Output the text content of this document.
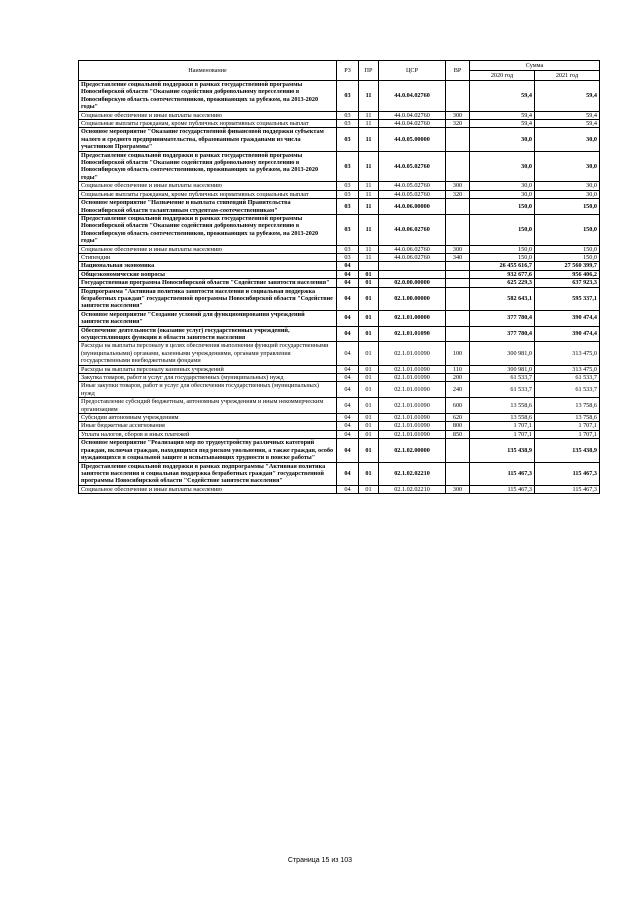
Наименование	РЗ	ПР	ЦСР	ВР	Сумма	
					2020 год	2021 год
Предоставление социальной поддержки в рамках государственной программы Новосибирской области "Оказание содействия добровольному переселению в Новосибирскую область соотечественников, проживающих за рубежом, на 2013-2020 годы"	03	11	44.0.04.02760		59,4	59,4
Социальное обеспечение и иные выплаты населению	03	11	44.0.04.02760	300	59,4	59,4
Социальные выплаты гражданам, кроме публичных нормативных социальных выплат	03	11	44.0.04.02760	320	59,4	59,4
Основное мероприятие "Оказание государственной финансовой поддержки субъектам малого и среднего предпринимательства, образованным гражданами из числа участников Программы"	03	11	44.0.05.00000		30,0	30,0
Предоставление социальной поддержки в рамках государственной программы Новосибирской области "Оказание содействия добровольному переселению в Новосибирскую область соотечественников, проживающих за рубежом, на 2013-2020 годы"	03	11	44.0.05.02760		30,0	30,0
Социальное обеспечение и иные выплаты населению	03	11	44.0.05.02760	300	30,0	30,0
Социальные выплаты гражданам, кроме публичных нормативных социальных выплат	03	11	44.0.05.02760	320	30,0	30,0
Основное мероприятие "Назначение и выплата стипендий Правительства Новосибирской области талантливым студентам-соотечественникам"	03	11	44.0.06.00000		150,0	150,0
Предоставление социальной поддержки в рамках государственной программы Новосибирской области "Оказание содействия добровольному переселению в Новосибирскую область соотечественников, проживающих за рубежом, на 2013-2020 годы"	03	11	44.0.06.02760		150,0	150,0
Социальное обеспечение и иные выплаты населению	03	11	44.0.06.02760	300	150,0	150,0
Стипендии	03	11	44.0.06.02760	340	150,0	150,0
Национальная экономика	04				26 455 616,7	27 560 399,7
Общеэкономические вопросы	04	01			932 677,6	956 406,2
Государственная программа Новосибирской области "Содействие занятости населения"	04	01	02.0.00.00000		625 229,3	637 923,3
Подпрограмма "Активная политика занятости населения и социальная поддержка безработных граждан" государственной программы Новосибирской области "Содействие занятости населения"	04	01	02.1.00.00000		582 643,1	595 337,1
Основное мероприятие "Создание условий для функционирования учреждений занятости населения"	04	01	02.1.01.00000		377 780,4	390 474,4
Обеспечение деятельности (оказание услуг) государственных учреждений, осуществляющих функции в области занятости населения	04	01	02.1.01.01090		377 780,4	390 474,4
Расходы на выплаты персоналу в целях обеспечения выполнения функций государственными (муниципальными) органами, казенными учреждениями, органами управления государственными внебюджетными фондами	04	01	02.1.01.01090	100	300 981,0	313 475,0
Расходы на выплаты персоналу казенных учреждений	04	01	02.1.01.01090	110	300 981,0	313 475,0
Закупка товаров, работ и услуг для государственных (муниципальных) нужд	04	01	02.1.01.01090	200	61 533,7	61 533,7
Иные закупки товаров, работ и услуг для обеспечения государственных (муниципальных) нужд	04	01	02.1.01.01090	240	61 533,7	61 533,7
Предоставление субсидий бюджетным, автономным учреждениям и иным некоммерческим организациям	04	01	02.1.01.01090	600	13 558,6	13 758,6
Субсидии автономным учреждениям	04	01	02.1.01.01090	620	13 558,6	13 758,6
Иные бюджетные ассигнования	04	01	02.1.01.01090	800	1 707,1	1 707,1
Уплата налогов, сборов и иных платежей	04	01	02.1.01.01090	850	1 707,1	1 707,1
Основное мероприятие "Реализация мер по трудоустройству различных категорий граждан, включая граждан, находящихся под риском увольнения, а также граждан, особо нуждающихся в социальной защите и испытывающих трудности в поиске работы"	04	01	02.1.02.00000		135 438,9	135 438,9
Предоставление социальной поддержки в рамках подпрограммы "Активная политика занятости населения и социальная поддержка безработных граждан" государственной программы Новосибирской области "Содействие занятости населения"	04	01	02.1.02.02210		115 467,3	115 467,3
Социальное обеспечение и иные выплаты населению	04	01	02.1.02.02210	300	115 467,3	115 467,3
Страница 15 из 103
